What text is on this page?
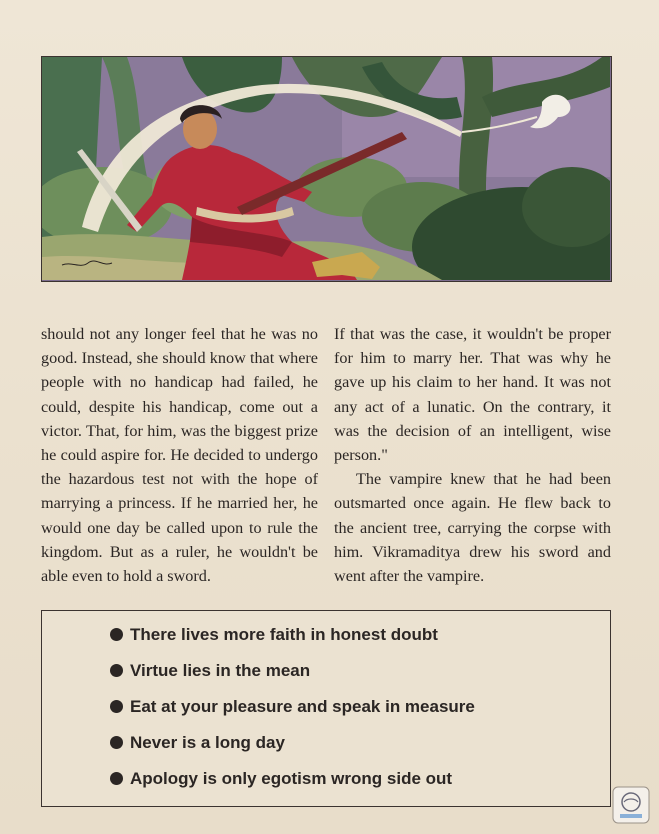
should not any longer feel that he was no good. Instead, she should know that where people with no handicap had failed, he could, despite his handicap, come out a victor. That, for him, was the biggest prize he could aspire for. He decided to undergo the hazardous test not with the hope of marrying a princess. If he married her, he would one day be called upon to rule the kingdom. But as a ruler, he wouldn't be able even to hold a sword.

If that was the case, it wouldn't be proper for him to marry her. That was why he gave up his claim to her hand. It was not any act of a lunatic. On the contrary, it was the decision of an intelligent, wise person."

The vampire knew that he had been outsmarted once again. He flew back to the ancient tree, carrying the corpse with him. Vikramaditya drew his sword and went after the vampire.

There lives more faith in honest doubt
Virtue lies in the mean
Eat at your pleasure and speak in measure
Never is a long day
Apology is only egotism wrong side out
